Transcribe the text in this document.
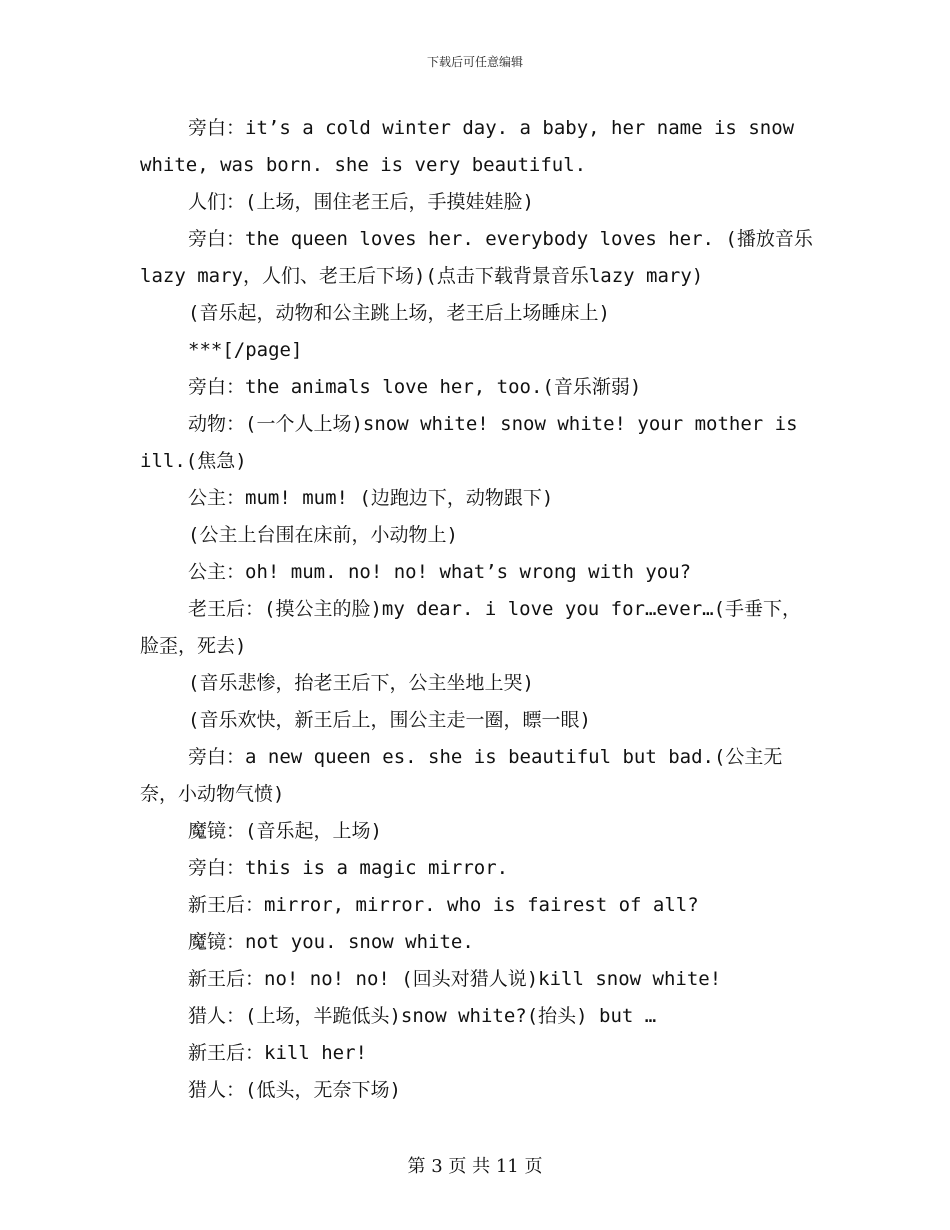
下载后可任意编辑

旁白：it’s a cold winter day. a baby, her name is snow white, was born. she is very beautiful.

人们：(上场，围住老王后，手摸娃娃脸)

旁白：the queen loves her. everybody loves her. (播放音乐lazy mary，人们、老王后下场)(点击下载背景音乐lazy mary)

(音乐起，动物和公主跳上场，老王后上场睡床上)

***[/page]

旁白：the animals love her, too.(音乐渐弱)

动物：(一个人上场)snow white! snow white! your mother is ill.(焦急)

公主：mum! mum! (边跑边下，动物跟下)

(公主上台围在床前，小动物上)

公主：oh! mum. no! no! what’s wrong with you?

老王后：(摸公主的脸)my dear. i love you for…ever…(手垂下，脸歪，死去)

(音乐悲惨，抬老王后下，公主坐地上哭)

(音乐欢快，新王后上，围公主走一圈，瞟一眼)

旁白：a new queen es. she is beautiful but bad.(公主无奈，小动物气愤)

魔镜：(音乐起，上场)

旁白：this is a magic mirror.

新王后：mirror, mirror. who is fairest of all?

魔镜：not you. snow white.

新王后：no! no! no! (回头对猎人说)kill snow white!

猎人：(上场，半跪低头)snow white?(抬头) but …

新王后：kill her!

猎人：(低头，无奈下场)

第 3 页 共 11 页
